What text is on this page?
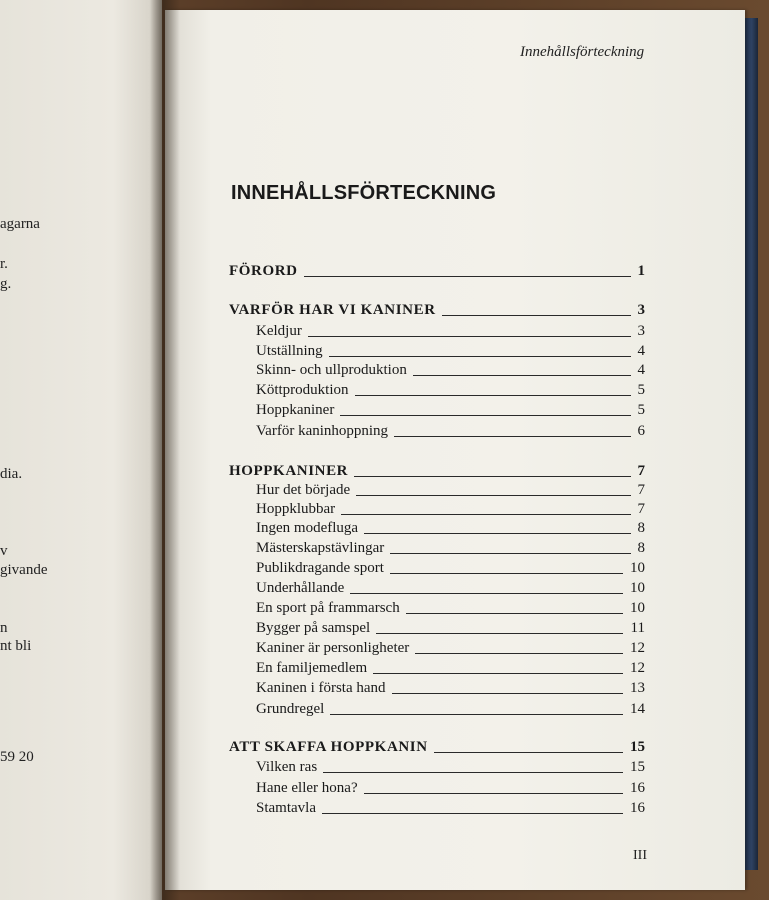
agarna
r.
g.
dia.
v
givande
n
nt bli
59 20
Innehållsförteckning
INNEHÅLLSFÖRTECKNING
FÖRORD	1
VARFÖR HAR VI KANINER	3
Keldjur	3
Utställning	4
Skinn- och ullproduktion	4
Köttproduktion	5
Hoppkaniner	5
Varför kaninhoppning	6
HOPPKANINER	7
Hur det började	7
Hoppklubbar	7
Ingen modefluga	8
Mästerskapstävlingar	8
Publikdragande sport	10
Underhållande	10
En sport på frammarsch	10
Bygger på samspel	11
Kaniner är personligheter	12
En familjemedlem	12
Kaninen i första hand	13
Grundregel	14
ATT SKAFFA HOPPKANIN	15
Vilken ras	15
Hane eller hona?	16
Stamtavla	16
III
